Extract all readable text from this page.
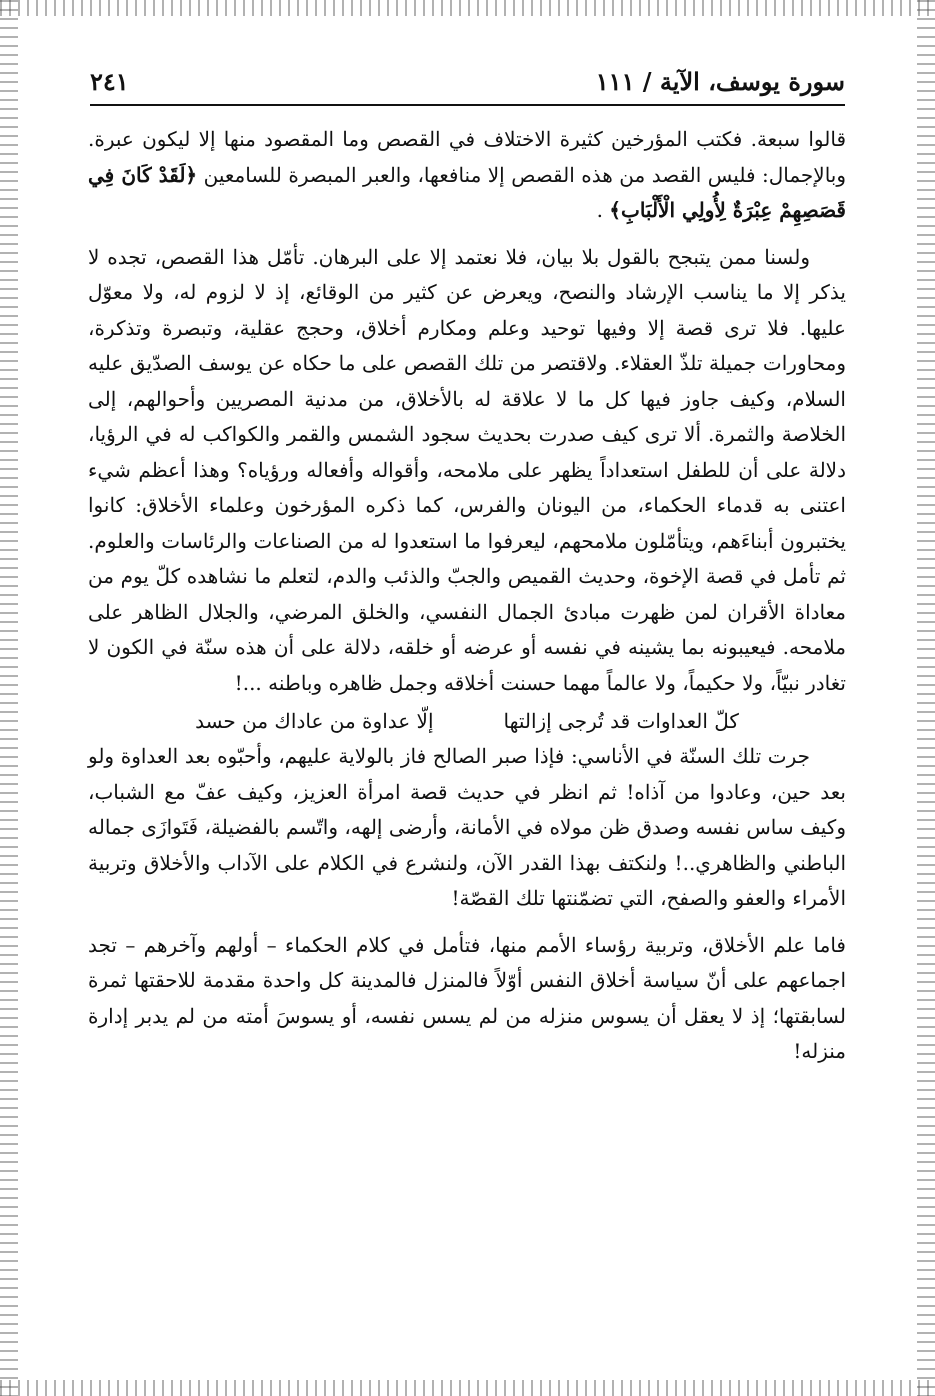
سورة يوسف، الآية / ١١١
٢٤١

قالوا سبعة. فكتب المؤرخين كثيرة الاختلاف في القصص وما المقصود منها إلا ليكون عبرة. وبالإجمال: فليس القصد من هذه القصص إلا منافعها، والعبر المبصرة للسامعين ﴿لَقَدْ كَانَ فِي قَصَصِهِمْ عِبْرَةٌ لِأُولِي الْأَلْبَابِ﴾ .

ولسنا ممن يتبجح بالقول بلا بيان، فلا نعتمد إلا على البرهان. تأمّل هذا القصص، تجده لا يذكر إلا ما يناسب الإرشاد والنصح، ويعرض عن كثير من الوقائع، إذ لا لزوم له، ولا معوّل عليها. فلا ترى قصة إلا وفيها توحيد وعلم ومكارم أخلاق، وحجج عقلية، وتبصرة وتذكرة، ومحاورات جميلة تلذّ العقلاء. ولاقتصر من تلك القصص على ما حكاه عن يوسف الصدّيق عليه السلام، وكيف جاوز فيها كل ما لا علاقة له بالأخلاق، من مدنية المصريين وأحوالهم، إلى الخلاصة والثمرة. ألا ترى كيف صدرت بحديث سجود الشمس والقمر والكواكب له في الرؤيا، دلالة على أن للطفل استعداداً يظهر على ملامحه، وأقواله وأفعاله ورؤياه؟ وهذا أعظم شيء اعتنى به قدماء الحكماء، من اليونان والفرس، كما ذكره المؤرخون وعلماء الأخلاق: كانوا يختبرون أبناءَهم، ويتأمّلون ملامحهم، ليعرفوا ما استعدوا له من الصناعات والرئاسات والعلوم. ثم تأمل في قصة الإخوة، وحديث القميص والجبّ والذئب والدم، لتعلم ما نشاهده كلّ يوم من معاداة الأقران لمن ظهرت مبادئ الجمال النفسي، والخلق المرضي، والجلال الظاهر على ملامحه. فيعيبونه بما يشينه في نفسه أو عرضه أو خلقه، دلالة على أن هذه سنّة في الكون لا تغادر نبيّاً، ولا حكيماً، ولا عالماً مهما حسنت أخلاقه وجمل ظاهره وباطنه ...!

كلّ العداوات قد تُرجى إزالتها
إلّا عداوة من عاداك من حسد

جرت تلك السنّة في الأناسي: فإذا صبر الصالح فاز بالولاية عليهم، وأحبّوه بعد العداوة ولو بعد حين، وعادوا من آذاه! ثم انظر في حديث قصة امرأة العزيز، وكيف عفّ مع الشباب، وكيف ساس نفسه وصدق ظن مولاه في الأمانة، وأرضى إلهه، واتّسم بالفضيلة، فَتَوازَى جماله الباطني والظاهري..! ولنكتف بهذا القدر الآن، ولنشرع في الكلام على الآداب والأخلاق وتربية الأمراء والعفو والصفح، التي تضمّنتها تلك القصّة!

فاما علم الأخلاق، وتربية رؤساء الأمم منها، فتأمل في كلام الحكماء – أولهم وآخرهم – تجد اجماعهم على أنّ سياسة أخلاق النفس أوّلاً فالمنزل فالمدينة كل واحدة مقدمة للاحقتها ثمرة لسابقتها؛ إذ لا يعقل أن يسوس منزله من لم يسس نفسه، أو يسوسَ أمته من لم يدبر إدارة منزله!
